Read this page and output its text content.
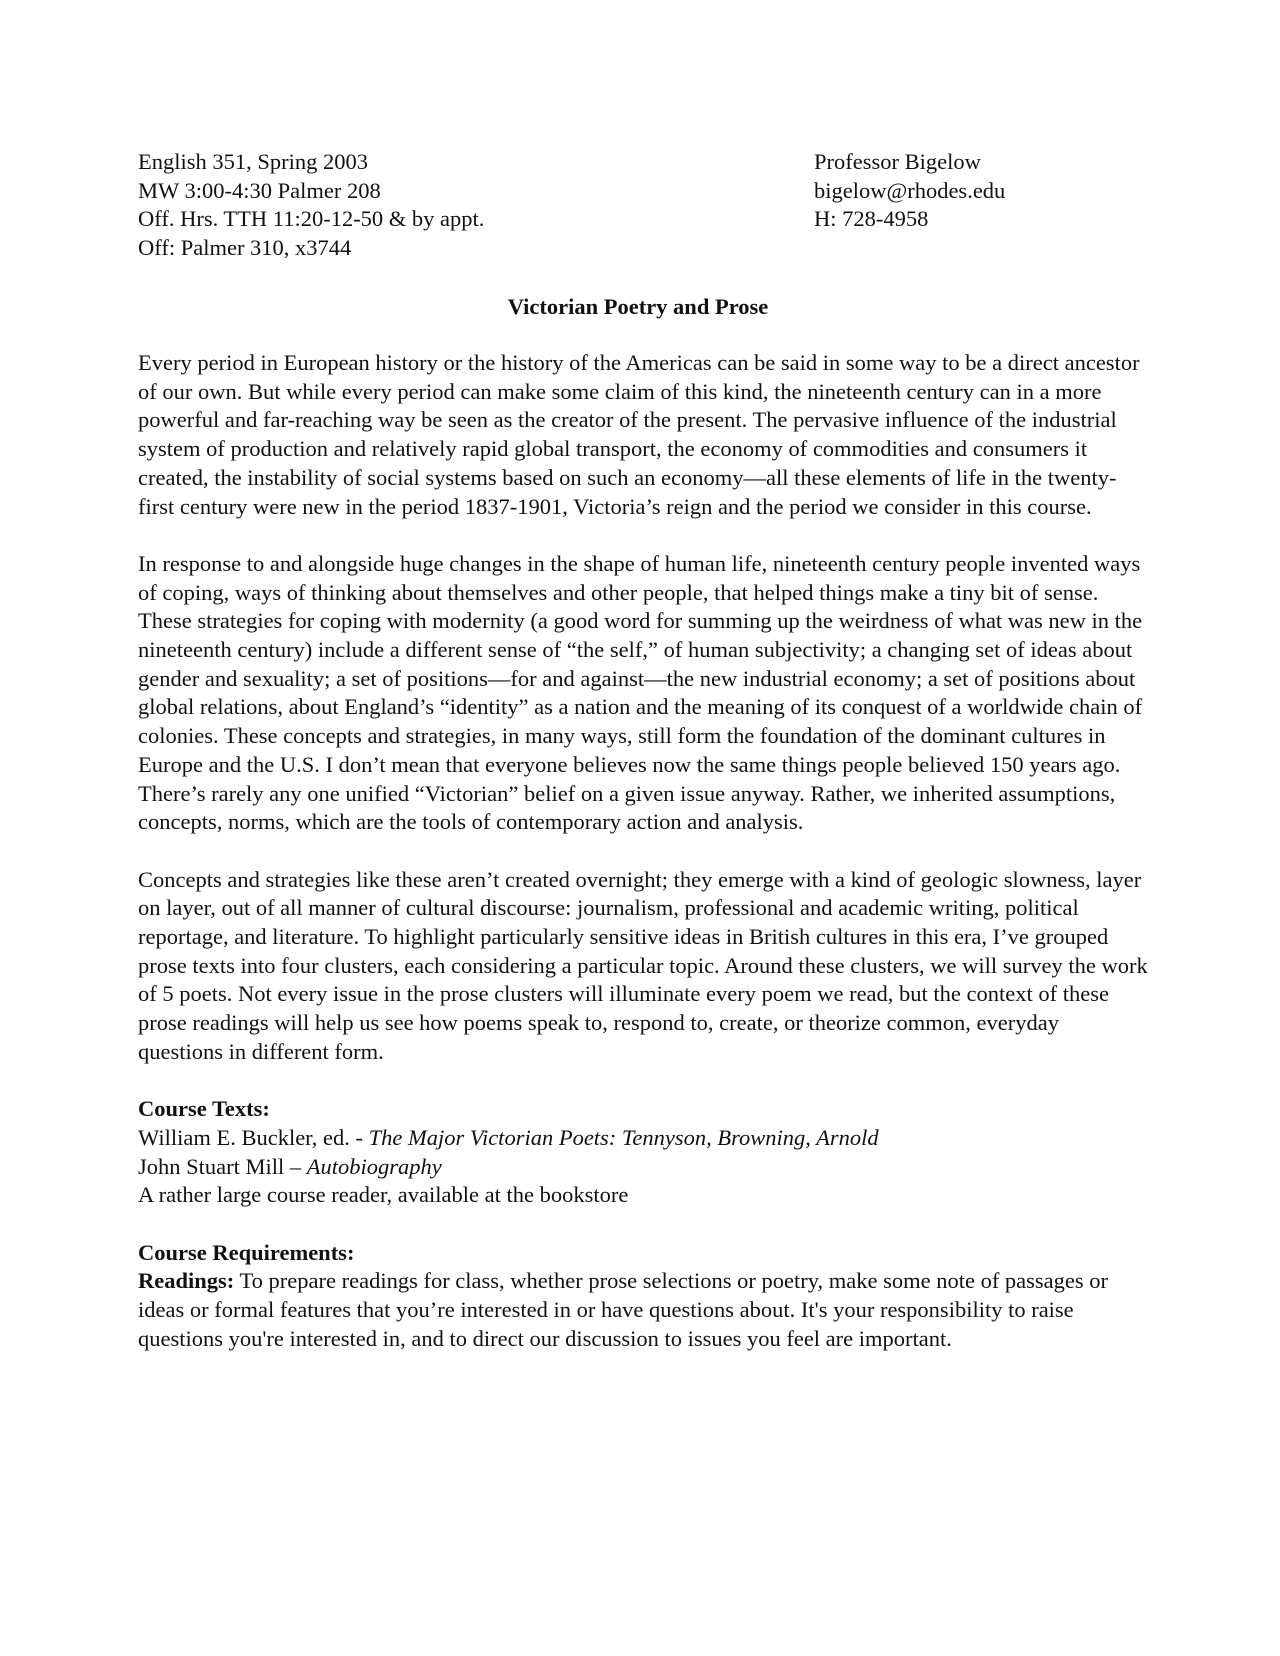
English 351, Spring 2003
MW 3:00-4:30 Palmer 208
Off. Hrs. TTH 11:20-12-50 & by appt.
Off: Palmer 310, x3744
Professor Bigelow
bigelow@rhodes.edu
H: 728-4958
Victorian Poetry and Prose

Every period in European history or the history of the Americas can be said in some way to be a direct ancestor of our own. But while every period can make some claim of this kind, the nineteenth century can in a more powerful and far-reaching way be seen as the creator of the present. The pervasive influence of the industrial system of production and relatively rapid global transport, the economy of commodities and consumers it created, the instability of social systems based on such an economy—all these elements of life in the twenty-first century were new in the period 1837-1901, Victoria’s reign and the period we consider in this course.

In response to and alongside huge changes in the shape of human life, nineteenth century people invented ways of coping, ways of thinking about themselves and other people, that helped things make a tiny bit of sense. These strategies for coping with modernity (a good word for summing up the weirdness of what was new in the nineteenth century) include a different sense of “the self,” of human subjectivity; a changing set of ideas about gender and sexuality; a set of positions—for and against—the new industrial economy; a set of positions about global relations, about England’s “identity” as a nation and the meaning of its conquest of a worldwide chain of colonies. These concepts and strategies, in many ways, still form the foundation of the dominant cultures in Europe and the U.S. I don’t mean that everyone believes now the same things people believed 150 years ago. There’s rarely any one unified “Victorian” belief on a given issue anyway. Rather, we inherited assumptions, concepts, norms, which are the tools of contemporary action and analysis.

Concepts and strategies like these aren’t created overnight; they emerge with a kind of geologic slowness, layer on layer, out of all manner of cultural discourse: journalism, professional and academic writing, political reportage, and literature. To highlight particularly sensitive ideas in British cultures in this era, I’ve grouped prose texts into four clusters, each considering a particular topic. Around these clusters, we will survey the work of 5 poets. Not every issue in the prose clusters will illuminate every poem we read, but the context of these prose readings will help us see how poems speak to, respond to, create, or theorize common, everyday questions in different form.

Course Texts:
William E. Buckler, ed. - The Major Victorian Poets: Tennyson, Browning, Arnold
John Stuart Mill – Autobiography
A rather large course reader, available at the bookstore
Course Requirements:

Readings: To prepare readings for class, whether prose selections or poetry, make some note of passages or ideas or formal features that you’re interested in or have questions about. It's your responsibility to raise questions you're interested in, and to direct our discussion to issues you feel are important.
